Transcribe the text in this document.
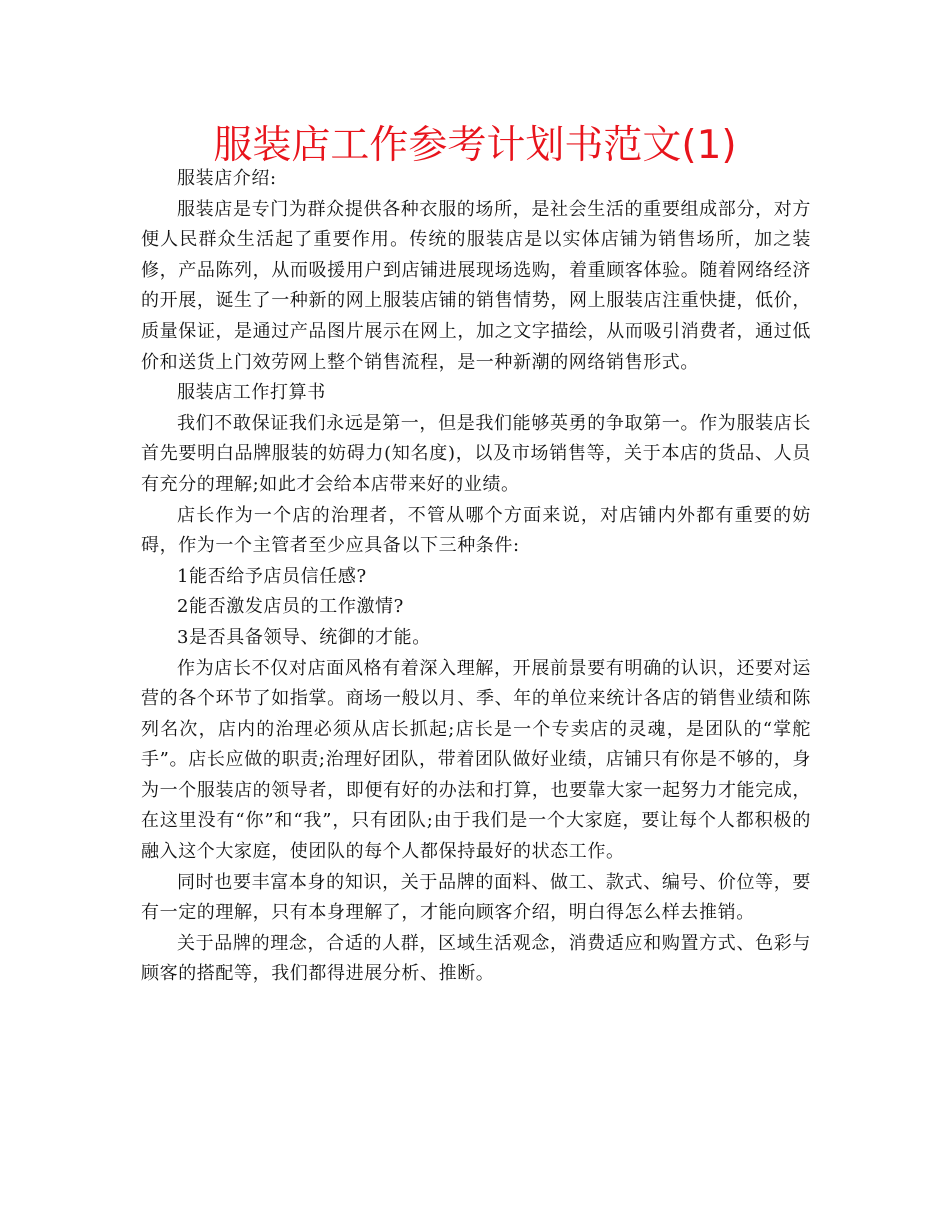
服装店工作参考计划书范文(1)

服装店介绍:

服装店是专门为群众提供各种衣服的场所，是社会生活的重要组成部分，对方便人民群众生活起了重要作用。传统的服装店是以实体店铺为销售场所，加之装修，产品陈列，从而吸援用户到店铺进展现场选购，着重顾客体验。随着网络经济的开展，诞生了一种新的网上服装店铺的销售情势，网上服装店注重快捷，低价，质量保证，是通过产品图片展示在网上，加之文字描绘，从而吸引消费者，通过低价和送货上门效劳网上整个销售流程，是一种新潮的网络销售形式。

服装店工作打算书

我们不敢保证我们永远是第一，但是我们能够英勇的争取第一。作为服装店长首先要明白品牌服装的妨碍力(知名度)，以及市场销售等，关于本店的货品、人员有充分的理解;如此才会给本店带来好的业绩。

店长作为一个店的治理者，不管从哪个方面来说，对店铺内外都有重要的妨碍，作为一个主管者至少应具备以下三种条件:

1能否给予店员信任感?

2能否激发店员的工作激情?

3是否具备领导、统御的才能。

作为店长不仅对店面风格有着深入理解，开展前景要有明确的认识，还要对运营的各个环节了如指掌。商场一般以月、季、年的单位来统计各店的销售业绩和陈列名次，店内的治理必须从店长抓起;店长是一个专卖店的灵魂，是团队的“掌舵手”。店长应做的职责;治理好团队，带着团队做好业绩，店铺只有你是不够的，身为一个服装店的领导者，即便有好的办法和打算，也要靠大家一起努力才能完成，在这里没有“你”和“我”，只有团队;由于我们是一个大家庭，要让每个人都积极的融入这个大家庭，使团队的每个人都保持最好的状态工作。

同时也要丰富本身的知识，关于品牌的面料、做工、款式、编号、价位等，要有一定的理解，只有本身理解了，才能向顾客介绍，明白得怎么样去推销。

关于品牌的理念，合适的人群，区域生活观念，消费适应和购置方式、色彩与顾客的搭配等，我们都得进展分析、推断。
